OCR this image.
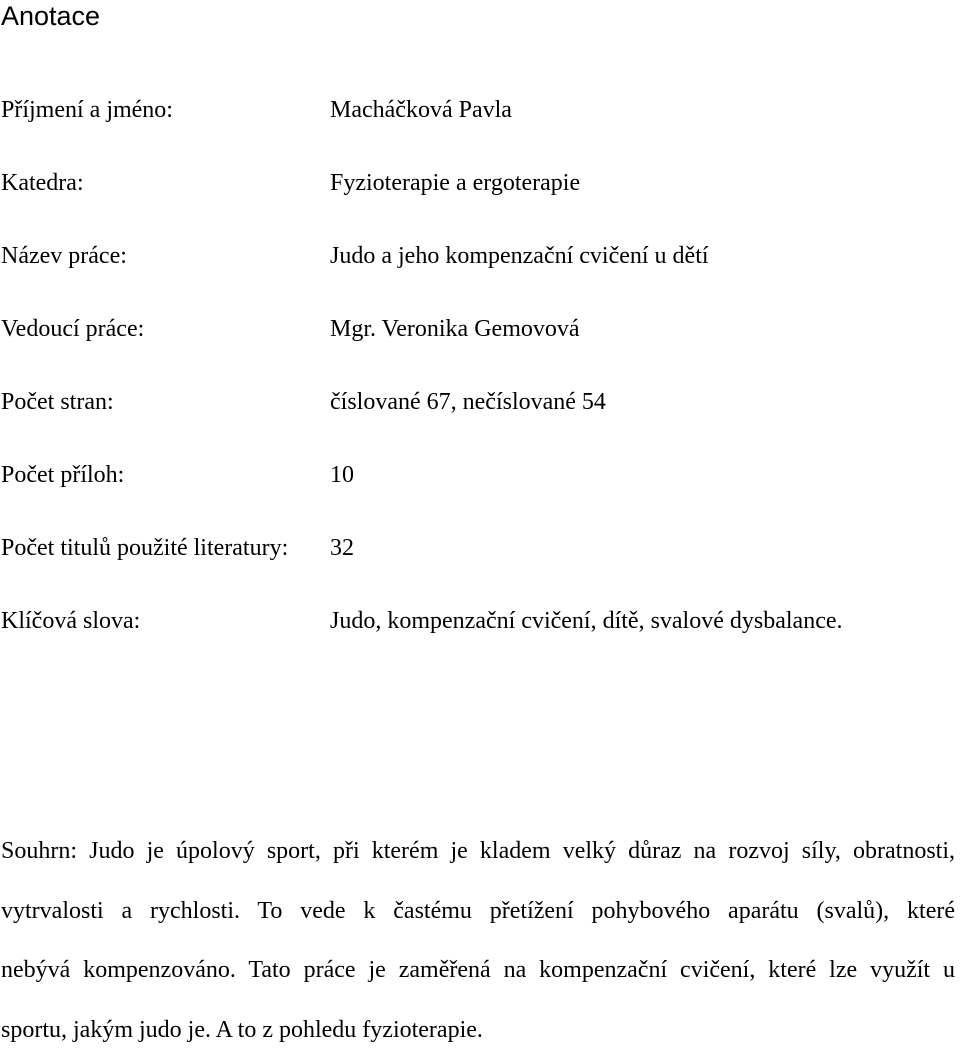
Anotace
Příjmení a jméno:	Macháčková Pavla
Katedra:	Fyzioterapie a ergoterapie
Název práce:	Judo a jeho kompenzační cvičení u dětí
Vedoucí práce:	Mgr. Veronika Gemovová
Počet stran:	číslované 67, nečíslované 54
Počet příloh:	10
Počet titulů použité literatury: 32
Klíčová slova:	Judo, kompenzační cvičení, dítě, svalové dysbalance.
Souhrn: Judo je úpolový sport, při kterém je kladem velký důraz na rozvoj síly, obratnosti,
vytrvalosti a rychlosti. To vede k častému přetížení pohybového aparátu (svalů), které
nebývá kompenzováno. Tato práce je zaměřená na kompenzační cvičení, které lze využít u
sportu, jakým judo je. A to z pohledu fyzioterapie.
